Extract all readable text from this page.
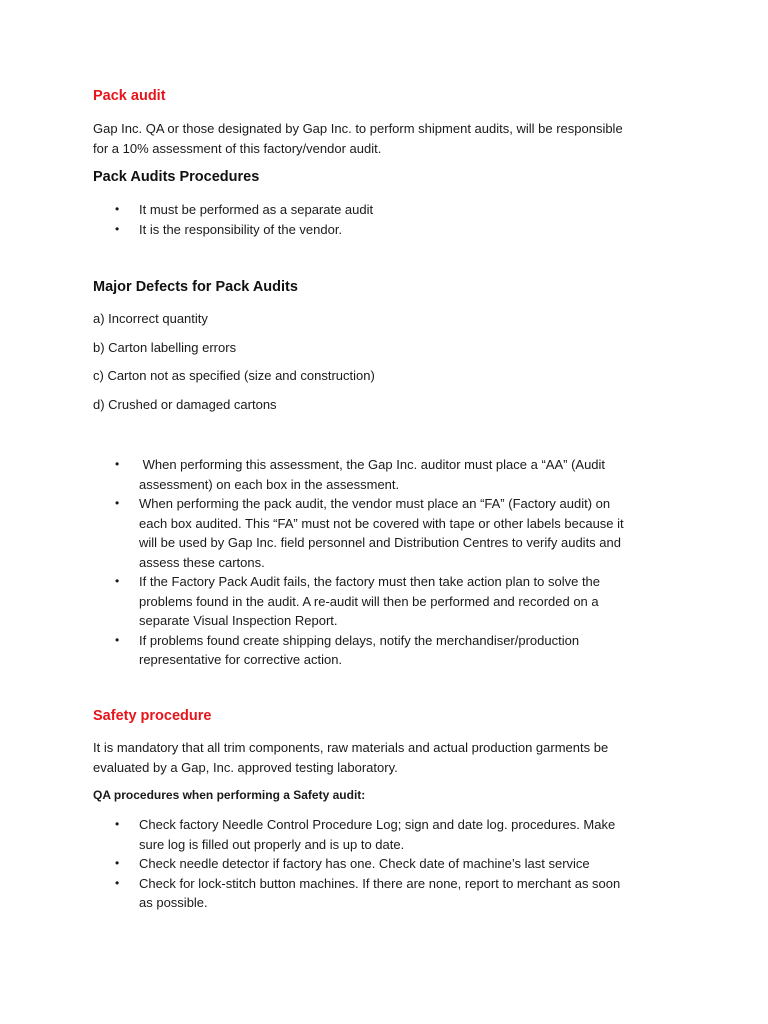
Pack audit
Gap Inc. QA or those designated by Gap Inc. to perform shipment audits, will be responsible
for a 10% assessment of this factory/vendor audit.
Pack Audits Procedures
• It must be performed as a separate audit
• It is the responsibility of the vendor.
Major Defects for Pack Audits
a) Incorrect quantity
b) Carton labelling errors
c) Carton not as specified (size and construction)
d) Crushed or damaged cartons
• When performing this assessment, the Gap Inc. auditor must place a “AA” (Audit
assessment) on each box in the assessment.
• When performing the pack audit, the vendor must place an “FA” (Factory audit) on
each box audited. This “FA” must not be covered with tape or other labels because it
will be used by Gap Inc. field personnel and Distribution Centres to verify audits and
assess these cartons.
• If the Factory Pack Audit fails, the factory must then take action plan to solve the
problems found in the audit. A re-audit will then be performed and recorded on a
separate Visual Inspection Report.
• If problems found create shipping delays, notify the merchandiser/production
representative for corrective action.
Safety procedure
It is mandatory that all trim components, raw materials and actual production garments be
evaluated by a Gap, Inc. approved testing laboratory.
QA procedures when performing a Safety audit:
• Check factory Needle Control Procedure Log; sign and date log. procedures. Make
sure log is filled out properly and is up to date.
• Check needle detector if factory has one. Check date of machine’s last service
• Check for lock-stitch button machines. If there are none, report to merchant as soon
as possible.
